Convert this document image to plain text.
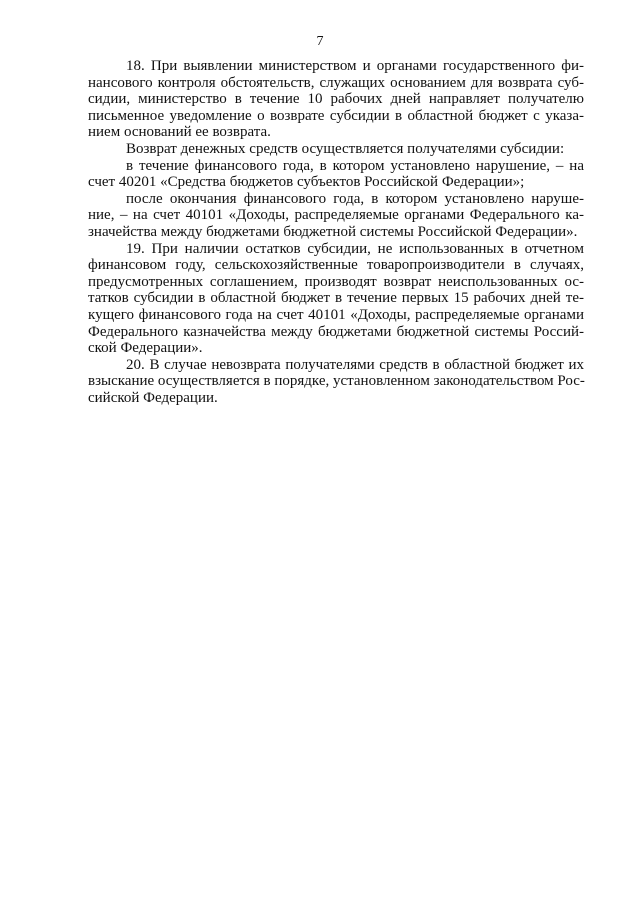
7

18. При выявлении министерством и органами государственного фи-
нансового контроля обстоятельств, служащих основанием для возврата суб-
сидии, министерство в течение 10 рабочих дней направляет получателю
письменное уведомление о возврате субсидии в областной бюджет с указа-
нием оснований ее возврата.

Возврат денежных средств осуществляется получателями субсидии:

в течение финансового года, в котором установлено нарушение, – на
счет 40201 «Средства бюджетов субъектов Российской Федерации»;

после окончания финансового года, в котором установлено наруше-
ние, – на счет 40101 «Доходы, распределяемые органами Федерального ка-
значейства между бюджетами бюджетной системы Российской Федерации».

19. При наличии остатков субсидии, не использованных в отчетном
финансовом году, сельскохозяйственные товаропроизводители в случаях,
предусмотренных соглашением, производят возврат неиспользованных ос-
татков субсидии в областной бюджет в течение первых 15 рабочих дней те-
кущего финансового года на счет 40101 «Доходы, распределяемые органами
Федерального казначейства между бюджетами бюджетной системы Россий-
ской Федерации».

20. В случае невозврата получателями средств в областной бюджет их
взыскание осуществляется в порядке, установленном законодательством Рос-
сийской Федерации.
